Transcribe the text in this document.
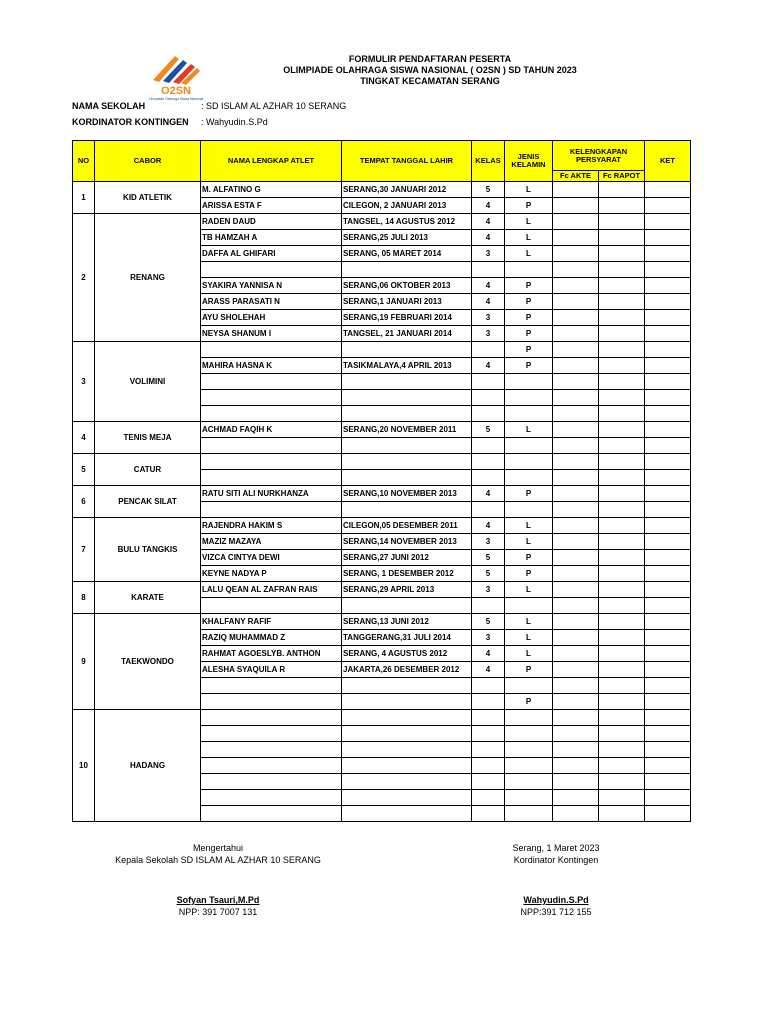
O2SN
Olimpiade Olahraga Siswa Nasional
FORMULIR PENDAFTARAN PESERTA
OLIMPIADE OLAHRAGA SISWA NASIONAL ( O2SN ) SD TAHUN 2023
TINGKAT KECAMATAN SERANG
NAMA SEKOLAH	: SD ISLAM AL AZHAR 10 SERANG
KORDINATOR KONTINGEN : Wahyudin.S.Pd
NO	CABOR	NAMA LENGKAP ATLET	TEMPAT TANGGAL LAHIR	KELAS	JENIS KELAMIN	KELENGKAPAN PERSYARAT		KET
						Fc AKTE	Fc RAPOT	
1	KID ATLETIK	M. ALFATINO G	SERANG,30 JANUARI 2012	5	L			
		ARISSA ESTA F	CILEGON, 2 JANUARI 2013	4	P			
2	RENANG	RADEN DAUD	TANGSEL, 14 AGUSTUS 2012	4	L			
		TB HAMZAH A	SERANG,25 JULI 2013	4	L			
		DAFFA AL GHIFARI	SERANG, 05 MARET 2014	3	L			

		SYAKIRA YANNISA N	SERANG,06 OKTOBER 2013	4	P			
		ARASS PARASATI N	SERANG,1 JANUARI 2013	4	P			
		AYU SHOLEHAH	SERANG,19 FEBRUARI 2014	3	P			
		NEYSA SHANUM I	TANGSEL, 21 JANUARI 2014	3	P			
3	VOLIMINI				P			
		MAHIRA HASNA K	TASIKMALAYA,4 APRIL 2013	4	P			

4	TENIS MEJA	ACHMAD FAQIH K	SERANG,20 NOVEMBER 2011	5	L			

5	CATUR							

6	PENCAK SILAT	RATU SITI ALI NURKHANZA	SERANG,10 NOVEMBER 2013	4	P			

7	BULU TANGKIS	RAJENDRA HAKIM S	CILEGON,05 DESEMBER 2011	4	L			
		MAZIZ MAZAYA	SERANG,14 NOVEMBER 2013	3	L			
		VIZCA CINTYA DEWI	SERANG,27 JUNI 2012	5	P			
		KEYNE NADYA P	SERANG, 1 DESEMBER 2012	5	P			
8	KARATE	LALU QEAN AL ZAFRAN RAIS	SERANG,29 APRIL 2013	3	L			

9	TAEKWONDO	KHALFANY RAFIF	SERANG,13 JUNI 2012	5	L			
		RAZIQ MUHAMMAD Z	TANGGERANG,31 JULI 2014	3	L			
		RAHMAT AGOESLYB. ANTHON	SERANG, 4 AGUSTUS 2012	4	L			
		ALESHA SYAQUILA R	JAKARTA,26 DESEMBER 2012	4	P			

					P			
10	HADANG							

Mengertahui
Kepala Sekolah SD ISLAM AL AZHAR 10 SERANG
Sofyan Tsauri,M.Pd
NPP: 391 7007 131
Serang, 1 Maret 2023
Kordinator Kontingen
Wahyudin.S.Pd
NPP:391 712 155
